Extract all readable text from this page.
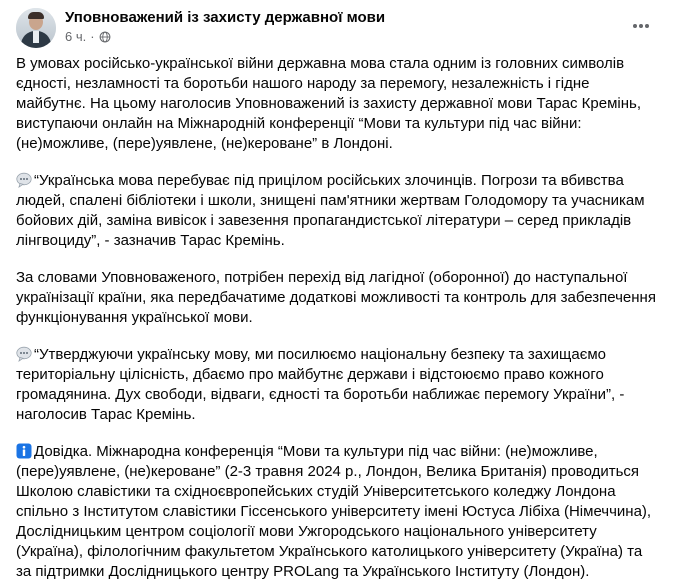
Уповноважений із захисту державної мови
6 ч. ·

В умовах російсько-української війни державна мова стала одним із головних символів єдності, незламності та боротьби нашого народу за перемогу, незалежність і гідне майбутнє. На цьому наголосив Уповноважений із захисту державної мови Тарас Кремінь, виступаючи онлайн на Міжнародній конференції “Мови та культури під час війни: (не)можливе, (пере)уявлене, (не)кероване” в Лондоні.

“Українська мова перебуває під прицілом російських злочинців. Погрози та вбивства людей, спалені бібліотеки і школи, знищені пам'ятники жертвам Голодомору та учасникам бойових дій, заміна вивісок і завезення пропагандистської літератури – серед прикладів лінгвоциду”, - зазначив Тарас Кремінь.

За словами Уповноваженого, потрібен перехід від лагідної (оборонної) до наступальної українізації країни, яка передбачатиме додаткові можливості та контроль для забезпечення функціонування української мови.

“Утверджуючи українську мову, ми посилюємо національну безпеку та захищаємо територіальну цілісність, дбаємо про майбутнє держави і відстоюємо право кожного громадянина. Дух свободи, відваги, єдності та боротьби наближає перемогу України”, - наголосив Тарас Кремінь.

Довідка. Міжнародна конференція “Мови та культури під час війни: (не)можливе, (пере)уявлене, (не)кероване” (2-3 травня 2024 р., Лондон, Велика Британія) проводиться Школою славістики та східноєвропейських студій Університетського коледжу Лондона спільно з Інститутом славістики Гіссенського університету імені Юстуса Лібіха (Німеччина), Дослідницьким центром соціології мови Ужгородського національного університету (Україна), філологічним факультетом Українського католицького університету (Україна) та за підтримки Дослідницького центру PROLang та Українського Інституту (Лондон).
